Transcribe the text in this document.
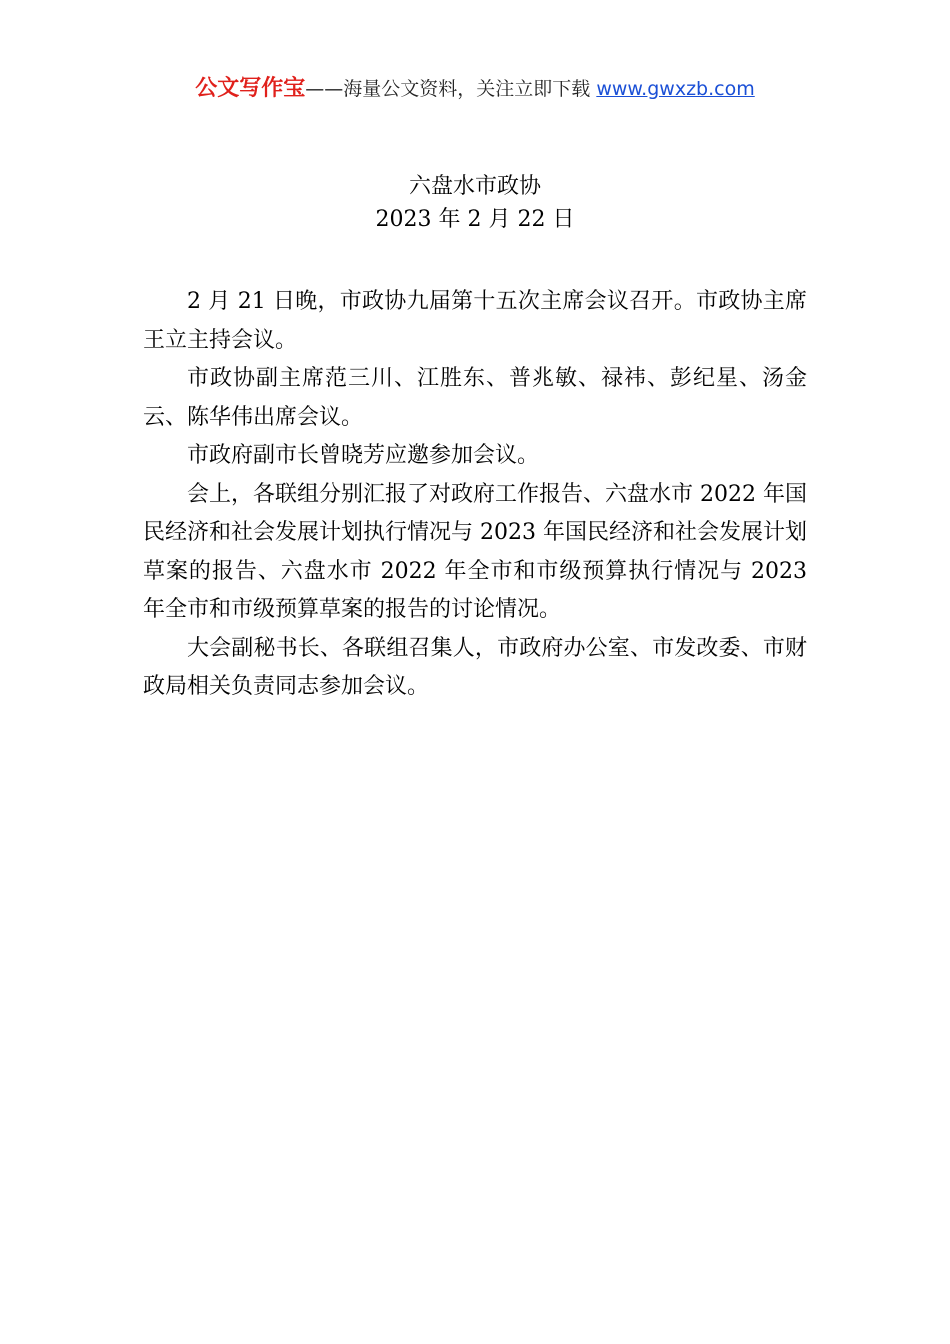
公文写作宝——海量公文资料，关注立即下载 www.gwxzb.com
六盘水市政协
2023 年 2 月 22 日

2 月 21 日晚，市政协九届第十五次主席会议召开。市政协主席王立主持会议。

市政协副主席范三川、江胜东、普兆敏、禄祎、彭纪星、汤金云、陈华伟出席会议。

市政府副市长曾晓芳应邀参加会议。

会上，各联组分别汇报了对政府工作报告、六盘水市 2022 年国民经济和社会发展计划执行情况与 2023 年国民经济和社会发展计划草案的报告、六盘水市 2022 年全市和市级预算执行情况与 2023 年全市和市级预算草案的报告的讨论情况。

大会副秘书长、各联组召集人，市政府办公室、市发改委、市财政局相关负责同志参加会议。
